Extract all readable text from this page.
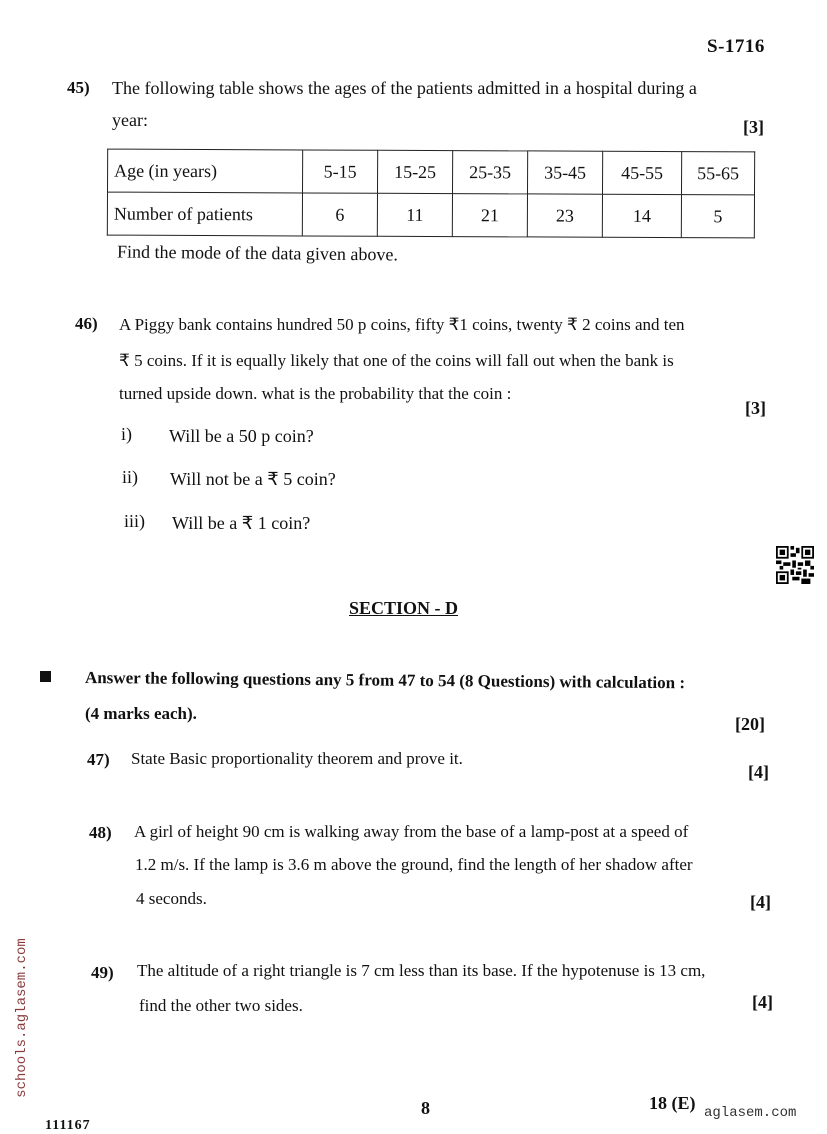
S-1716
45) The following table shows the ages of the patients admitted in a hospital during a
year:	[3]
Age (in years)	5-15	15-25	25-35	35-45	45-55	55-65
Number of patients	6	11	21	23	14	5
Find the mode of the data given above.
46) A Piggy bank contains hundred 50 p coins, fifty ₹1 coins, twenty ₹ 2 coins and ten
₹ 5 coins. If it is equally likely that one of the coins will fall out when the bank is
turned upside down. what is the probability that the coin :
[3]
i) Will be a 50 p coin?
ii) Will not be a ₹ 5 coin?
iii) Will be a ₹ 1 coin?
SECTION - D
Answer the following questions any 5 from 47 to 54 (8 Questions) with calculation :
(4 marks each).
[20]
47) State Basic proportionality theorem and prove it.
[4]
48) A girl of height 90 cm is walking away from the base of a lamp-post at a speed of
1.2 m/s. If the lamp is 3.6 m above the ground, find the length of her shadow after
4 seconds.	[4]
49) The altitude of a right triangle is 7 cm less than its base. If the hypotenuse is 13 cm,
find the other two sides.	[4]
schools.aglasem.com
8	18 (E) aglasem.com
111167
